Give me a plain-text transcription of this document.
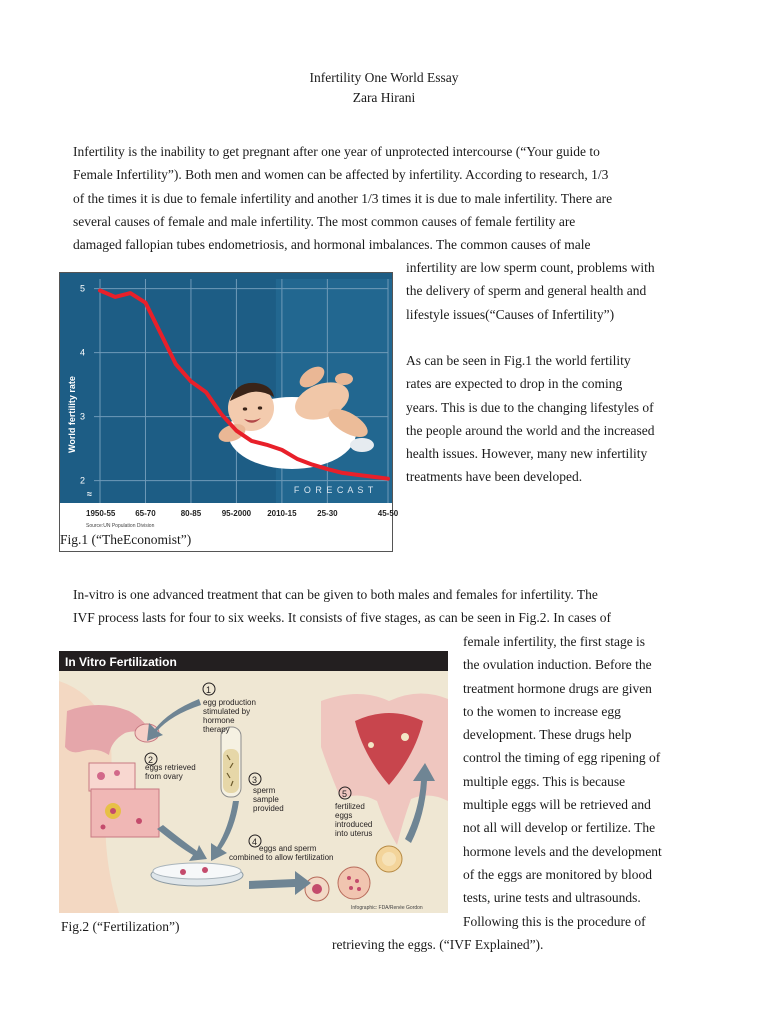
Infertility One World Essay
Zara Hirani
Infertility is the inability to get pregnant after one year of unprotected intercourse (“Your guide to
Female Infertility”). Both men and women can be affected by infertility. According to research, 1/3
of the times it is due to female infertility and another 1/3 times it is due to male infertility. There are
several causes of female and male infertility. The most common causes of female fertility are
damaged fallopian tubes endometriosis, and hormonal imbalances. The common causes of male
infertility are low sperm count, problems with
the delivery of sperm and general health and
lifestyle issues(“Causes of Infertility”)
As can be seen in Fig.1 the world fertility
rates are expected to drop in the coming
years. This is due to the changing lifestyles of
the people around the world and the increased
health issues. However, many new infertility
treatments have been developed.
5
4
3
2
World fertility rate
F O R E C A S T
≈
1950-55 65-70	80-85	95-2000 2010-15	25-30	45-50
Source:UN Population Division
Fig.1 (“TheEconomist”)
In-vitro is one advanced treatment that can be given to both males and females for infertility. The
IVF process lasts for four to six weeks. It consists of five stages, as can be seen in Fig.2. In cases of
female infertility, the first stage is
the ovulation induction. Before the
treatment hormone drugs are given
to the women to increase egg
development. These drugs help
control the timing of egg ripening of
multiple eggs. This is because
multiple eggs will be retrieved and
not all will develop or fertilize. The
hormone levels and the development
of the eggs are monitored by blood
tests, urine tests and ultrasounds.
Following this is the procedure of
retrieving the eggs. (“IVF Explained”).
In Vitro Fertilization
1
egg production
stimulated by
hormone
therapy
2
eggs retrieved
from ovary	3
sperm
sample
provided
4
eggs and sperm
combined to allow fertilization
5
fertilized
eggs
introduced
into uterus
Infographic: FDA/Renée Gordon
Fig.2 (“Fertilization”)
